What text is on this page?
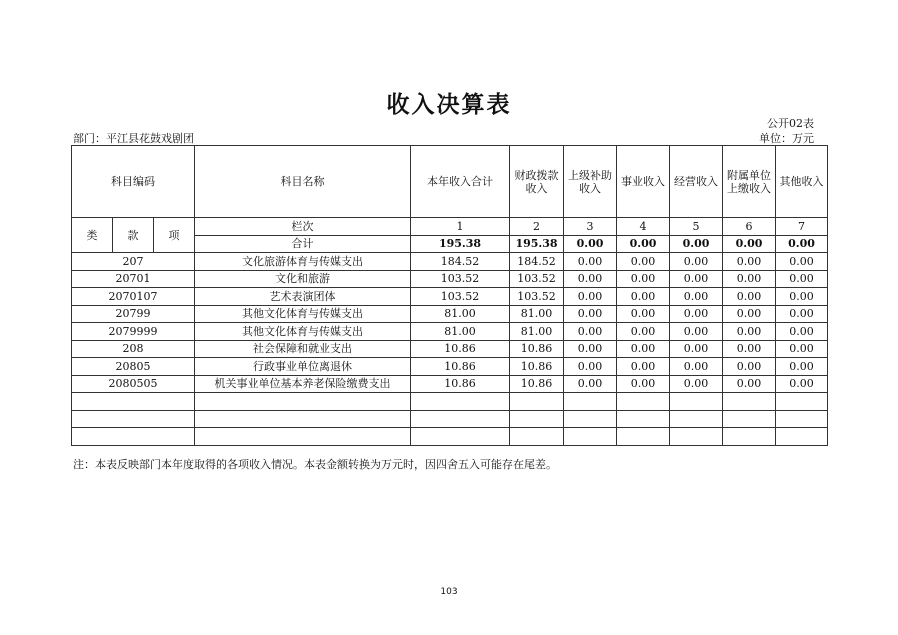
收入决算表
公开02表
部门：平江县花鼓戏剧团	单位：万元
科目编码			科目名称	本年收入合计	财政拨款收入	上级补助收入	事业收入	经营收入	附属单位上缴收入	其他收入
类	款	项	栏次	1	2	3	4	5	6	7
			合计	195.38	195.38	0.00	0.00	0.00	0.00	0.00
207			文化旅游体育与传媒支出	184.52	184.52	0.00	0.00	0.00	0.00	0.00
20701			文化和旅游	103.52	103.52	0.00	0.00	0.00	0.00	0.00
2070107			艺术表演团体	103.52	103.52	0.00	0.00	0.00	0.00	0.00
20799			其他文化体育与传媒支出	81.00	81.00	0.00	0.00	0.00	0.00	0.00
2079999			其他文化体育与传媒支出	81.00	81.00	0.00	0.00	0.00	0.00	0.00
208			社会保障和就业支出	10.86	10.86	0.00	0.00	0.00	0.00	0.00
20805			行政事业单位离退休	10.86	10.86	0.00	0.00	0.00	0.00	0.00
2080505			机关事业单位基本养老保险缴费支出	10.86	10.86	0.00	0.00	0.00	0.00	0.00

注：本表反映部门本年度取得的各项收入情况。本表金额转换为万元时，因四舍五入可能存在尾差。
103
